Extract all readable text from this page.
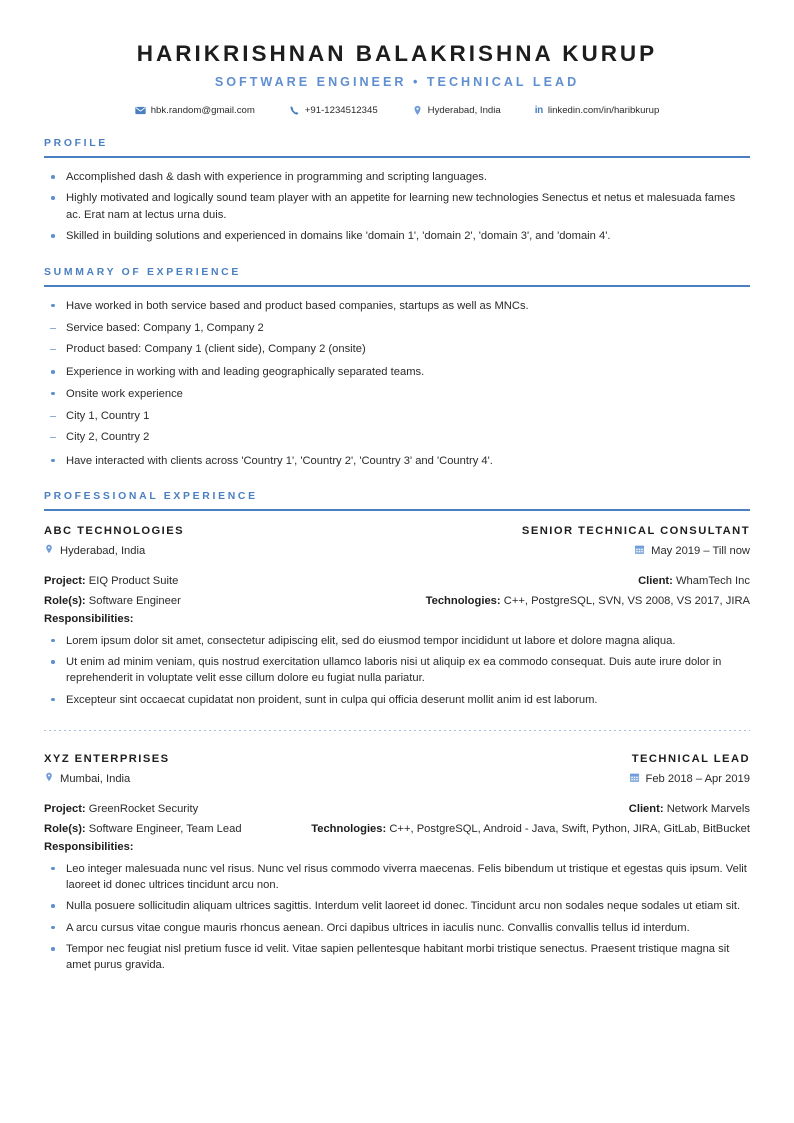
HARIKRISHNAN BALAKRISHNA KURUP
SOFTWARE ENGINEER • TECHNICAL LEAD
hbk.random@gmail.com	+91-1234512345	Hyderabad, India	in linkedin.com/in/haribkurup
PROFILE
Accomplished dash & dash with experience in programming and scripting languages.
Highly motivated and logically sound team player with an appetite for learning new technologies Senectus et netus et malesuada fames ac. Erat nam at lectus urna duis.
Skilled in building solutions and experienced in domains like 'domain 1', 'domain 2', 'domain 3', and 'domain 4'.
SUMMARY OF EXPERIENCE
Have worked in both service based and product based companies, startups as well as MNCs.
Service based: Company 1, Company 2
Product based: Company 1 (client side), Company 2 (onsite)
Experience in working with and leading geographically separated teams.
Onsite work experience
City 1, Country 1
City 2, Country 2
Have interacted with clients across 'Country 1', 'Country 2', 'Country 3' and 'Country 4'.
PROFESSIONAL EXPERIENCE
ABC TECHNOLOGIES	SENIOR TECHNICAL CONSULTANT
Hyderabad, India	May 2019 – Till now
Project: EIQ Product Suite	Client: WhamTech Inc
Role(s): Software Engineer	Technologies: C++, PostgreSQL, SVN, VS 2008, VS 2017, JIRA
Responsibilities:
Lorem ipsum dolor sit amet, consectetur adipiscing elit, sed do eiusmod tempor incididunt ut labore et dolore magna aliqua.
Ut enim ad minim veniam, quis nostrud exercitation ullamco laboris nisi ut aliquip ex ea commodo consequat. Duis aute irure dolor in reprehenderit in voluptate velit esse cillum dolore eu fugiat nulla pariatur.
Excepteur sint occaecat cupidatat non proident, sunt in culpa qui officia deserunt mollit anim id est laborum.
XYZ ENTERPRISES	TECHNICAL LEAD
Mumbai, India	Feb 2018 – Apr 2019
Project: GreenRocket Security	Client: Network Marvels
Role(s): Software Engineer, Team Lead	Technologies: C++, PostgreSQL, Android - Java, Swift, Python, JIRA, GitLab, BitBucket
Responsibilities:
Leo integer malesuada nunc vel risus. Nunc vel risus commodo viverra maecenas. Felis bibendum ut tristique et egestas quis ipsum. Velit laoreet id donec ultrices tincidunt arcu non.
Nulla posuere sollicitudin aliquam ultrices sagittis. Interdum velit laoreet id donec. Tincidunt arcu non sodales neque sodales ut etiam sit.
A arcu cursus vitae congue mauris rhoncus aenean. Orci dapibus ultrices in iaculis nunc. Convallis convallis tellus id interdum.
Tempor nec feugiat nisl pretium fusce id velit. Vitae sapien pellentesque habitant morbi tristique senectus. Praesent tristique magna sit amet purus gravida.
